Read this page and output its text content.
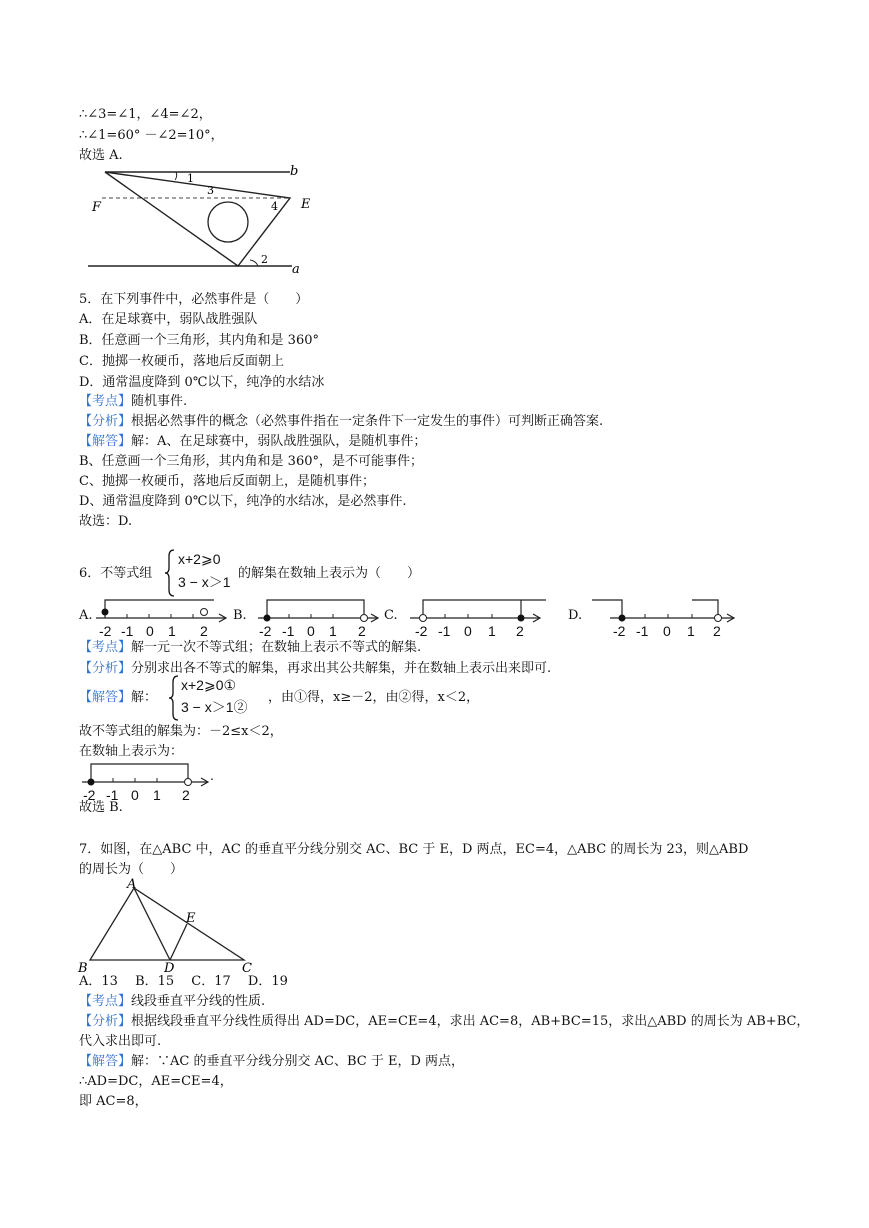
∴∠3=∠1，∠4=∠2，
∴∠1=60° －∠2=10°，
故选 A.
b
F	E
a
1
3
4
2
5．在下列事件中，必然事件是（　　）
A．在足球赛中，弱队战胜强队
B．任意画一个三角形，其内角和是 360°
C．抛掷一枚硬币，落地后反面朝上
D．通常温度降到 0℃以下，纯净的水结冰
【考点】随机事件.
【分析】根据必然事件的概念（必然事件指在一定条件下一定发生的事件）可判断正确答案.
【解答】解：A、在足球赛中，弱队战胜强队，是随机事件；
B、任意画一个三角形，其内角和是 360°，是不可能事件；
C、抛掷一枚硬币，落地后反面朝上，是随机事件；
D、通常温度降到 0℃以下，纯净的水结冰，是必然事件.
故选：D.
6．不等式组
x+2⩾0
3 − x＞1
的解集在数轴上表示为（　　）
A.
-2 -1 0 1 2
B.
-2 -1 0 1 2
C.
-2 -1 0 1 2
D.
-2 -1 0 1 2
【考点】解一元一次不等式组；在数轴上表示不等式的解集.
【分析】分别求出各不等式的解集，再求出其公共解集，并在数轴上表示出来即可.
【解答】解：
x+2⩾0①
3 − x＞1②
，由①得，x≥－2，由②得，x＜2，
故不等式组的解集为：－2≤x＜2，
在数轴上表示为：
-2 -1 0 1 2
.
故选 B.
7．如图，在△ABC 中，AC 的垂直平分线分别交 AC、BC 于 E，D 两点，EC=4，△ABC 的周长为 23，则△ABD
的周长为（　　）
A
B	D	C
E
A．13　 B．15　 C．17　 D．19
【考点】线段垂直平分线的性质.
【分析】根据线段垂直平分线性质得出 AD=DC，AE=CE=4，求出 AC=8，AB+BC=15，求出△ABD 的周长为 AB+BC，
代入求出即可.
【解答】解：∵AC 的垂直平分线分别交 AC、BC 于 E，D 两点，
∴AD=DC，AE=CE=4，
即 AC=8，
